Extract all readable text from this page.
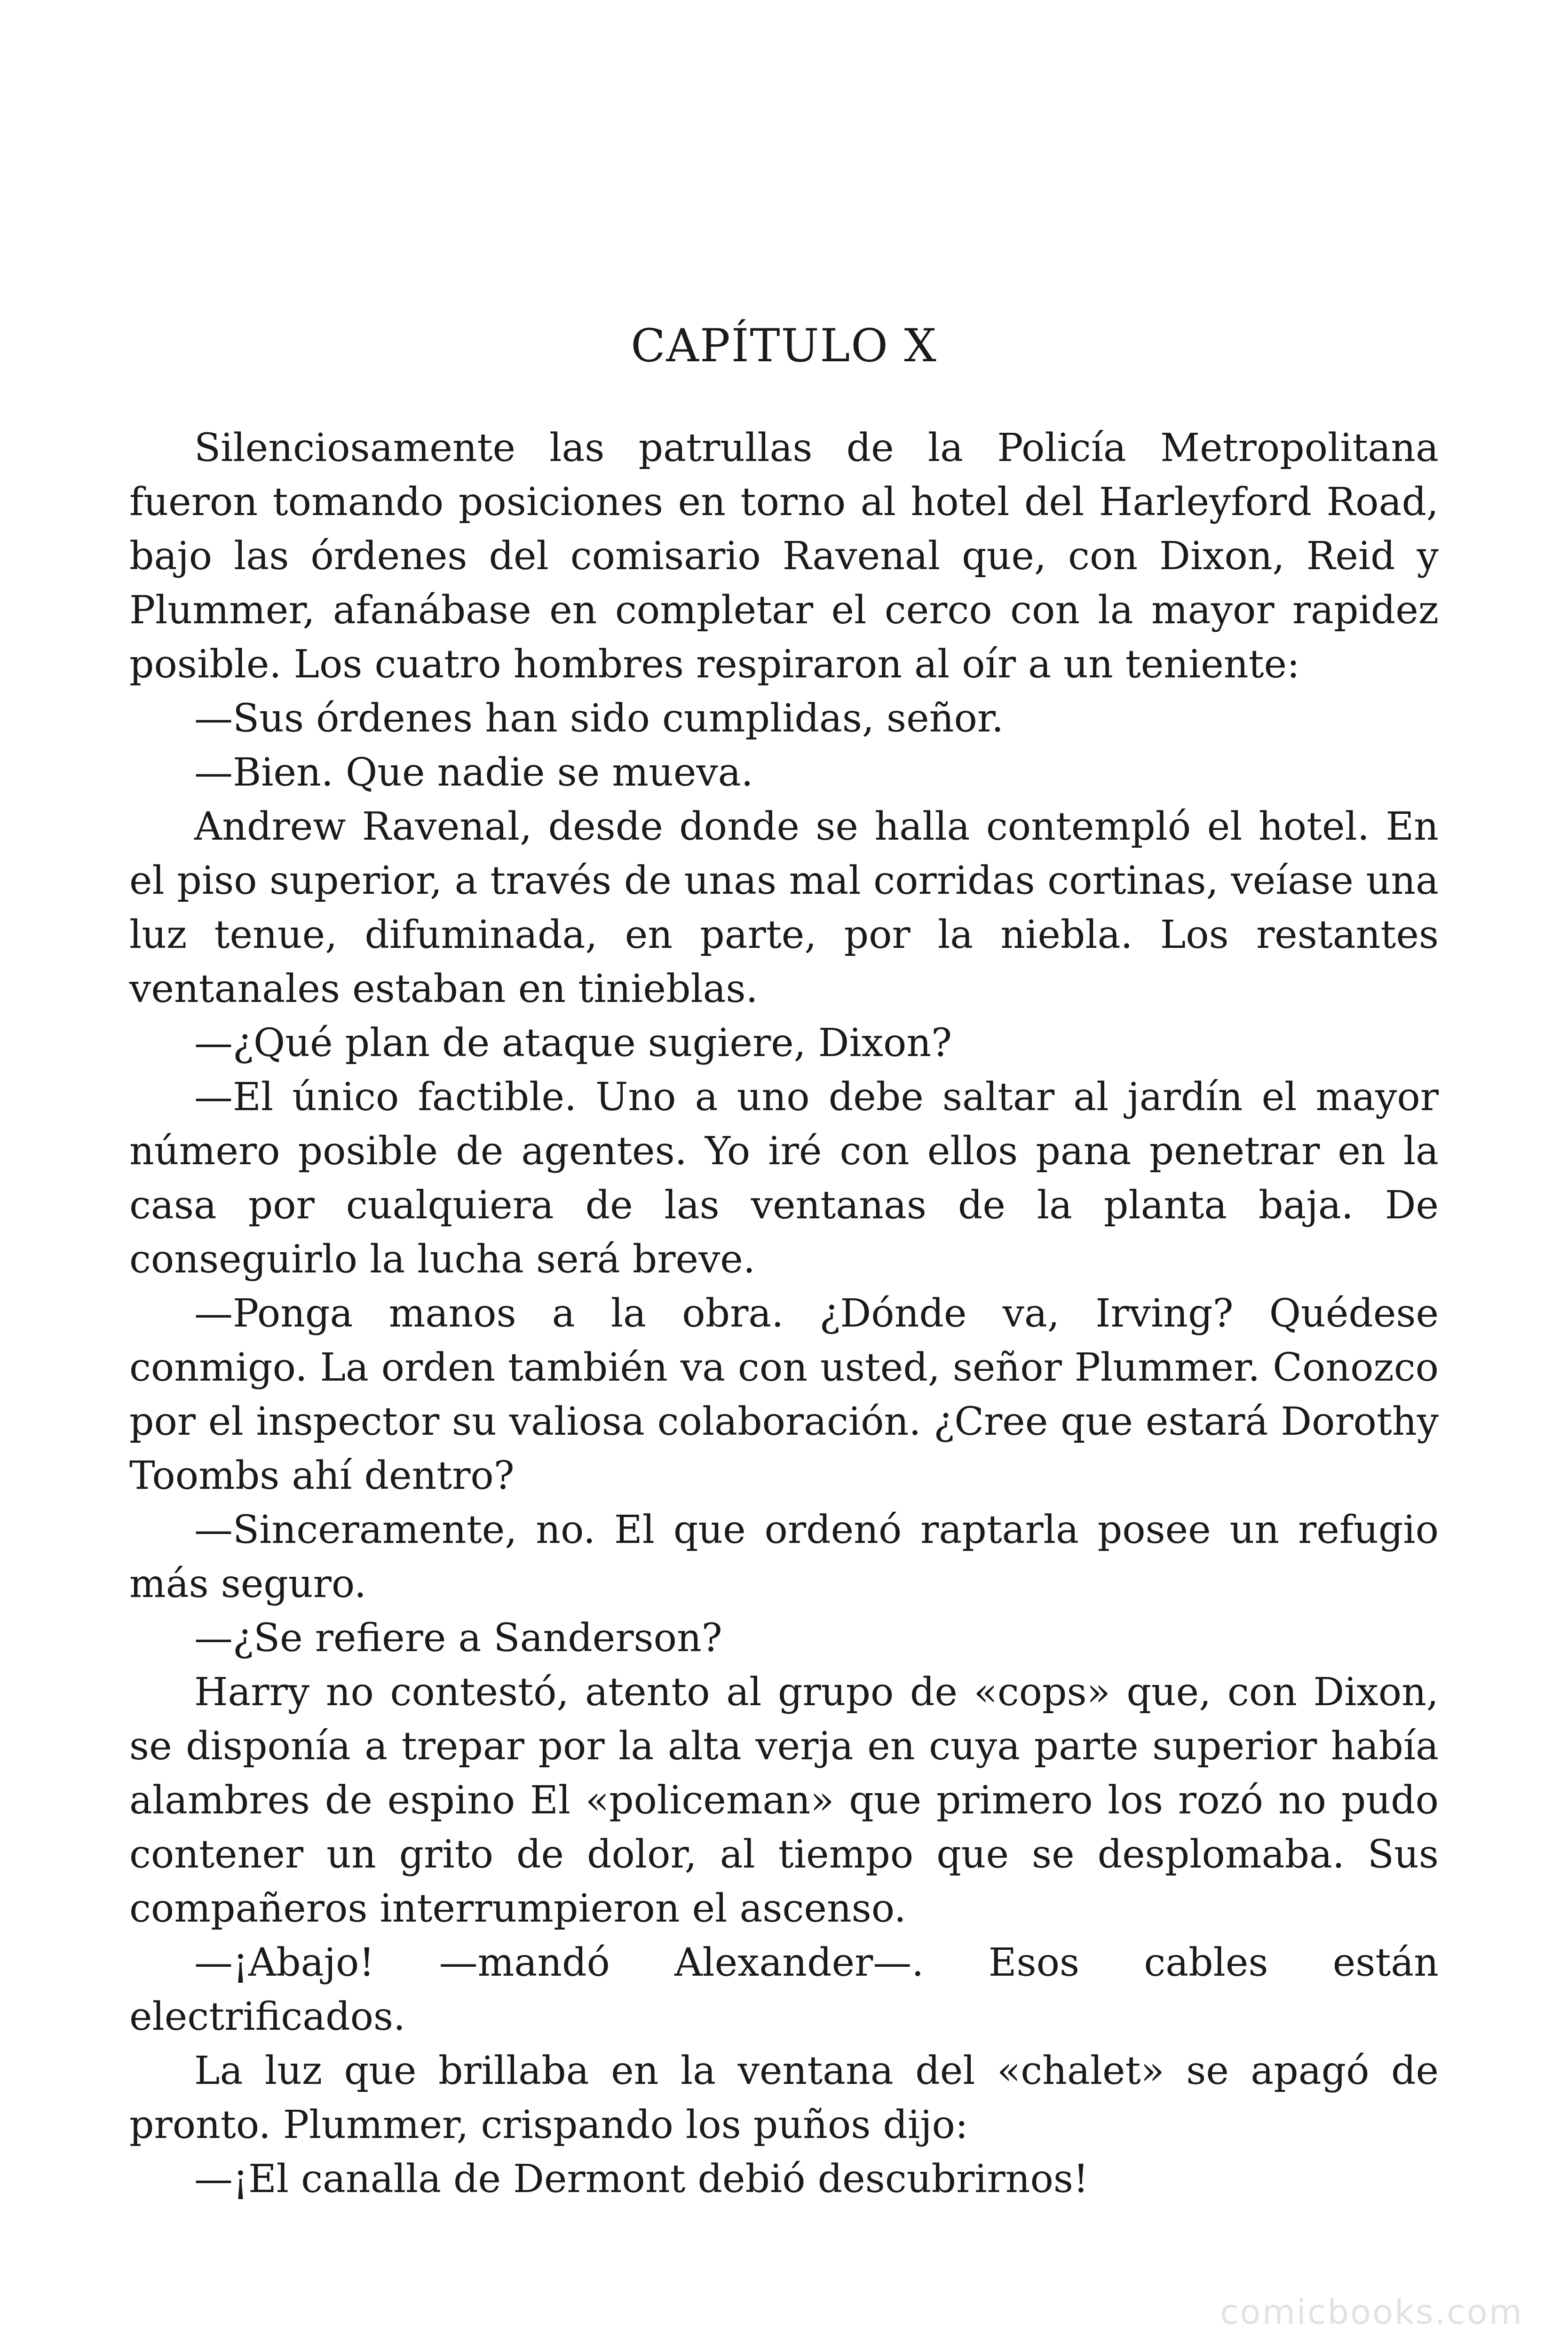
CAPÍTULO X

Silenciosamente las patrullas de la Policía Metropolitana fueron tomando posiciones en torno al hotel del Harleyford Road, bajo las órdenes del comisario Ravenal que, con Dixon, Reid y Plummer, afanábase en completar el cerco con la mayor rapidez posible. Los cuatro hombres respiraron al oír a un teniente:

—Sus órdenes han sido cumplidas, señor.

—Bien. Que nadie se mueva.

Andrew Ravenal, desde donde se halla contempló el hotel. En el piso superior, a través de unas mal corridas cortinas, veíase una luz tenue, difuminada, en parte, por la niebla. Los restantes ventanales estaban en tinieblas.

—¿Qué plan de ataque sugiere, Dixon?

—El único factible. Uno a uno debe saltar al jardín el mayor número posible de agentes. Yo iré con ellos pana penetrar en la casa por cualquiera de las ventanas de la planta baja. De conseguirlo la lucha será breve.

—Ponga manos a la obra. ¿Dónde va, Irving? Quédese conmigo. La orden también va con usted, señor Plummer. Conozco por el inspector su valiosa colaboración. ¿Cree que estará Dorothy Toombs ahí dentro?

—Sinceramente, no. El que ordenó raptarla posee un refugio más seguro.

—¿Se refiere a Sanderson?

Harry no contestó, atento al grupo de «cops» que, con Dixon, se disponía a trepar por la alta verja en cuya parte superior había alambres de espino El «policeman» que primero los rozó no pudo contener un grito de dolor, al tiempo que se desplomaba. Sus compañeros interrumpieron el ascenso.

—¡Abajo! —mandó Alexander—. Esos cables están electrificados.

La luz que brillaba en la ventana del «chalet» se apagó de pronto. Plummer, crispando los puños dijo:

—¡El canalla de Dermont debió descubrirnos!

comicbooks.com
